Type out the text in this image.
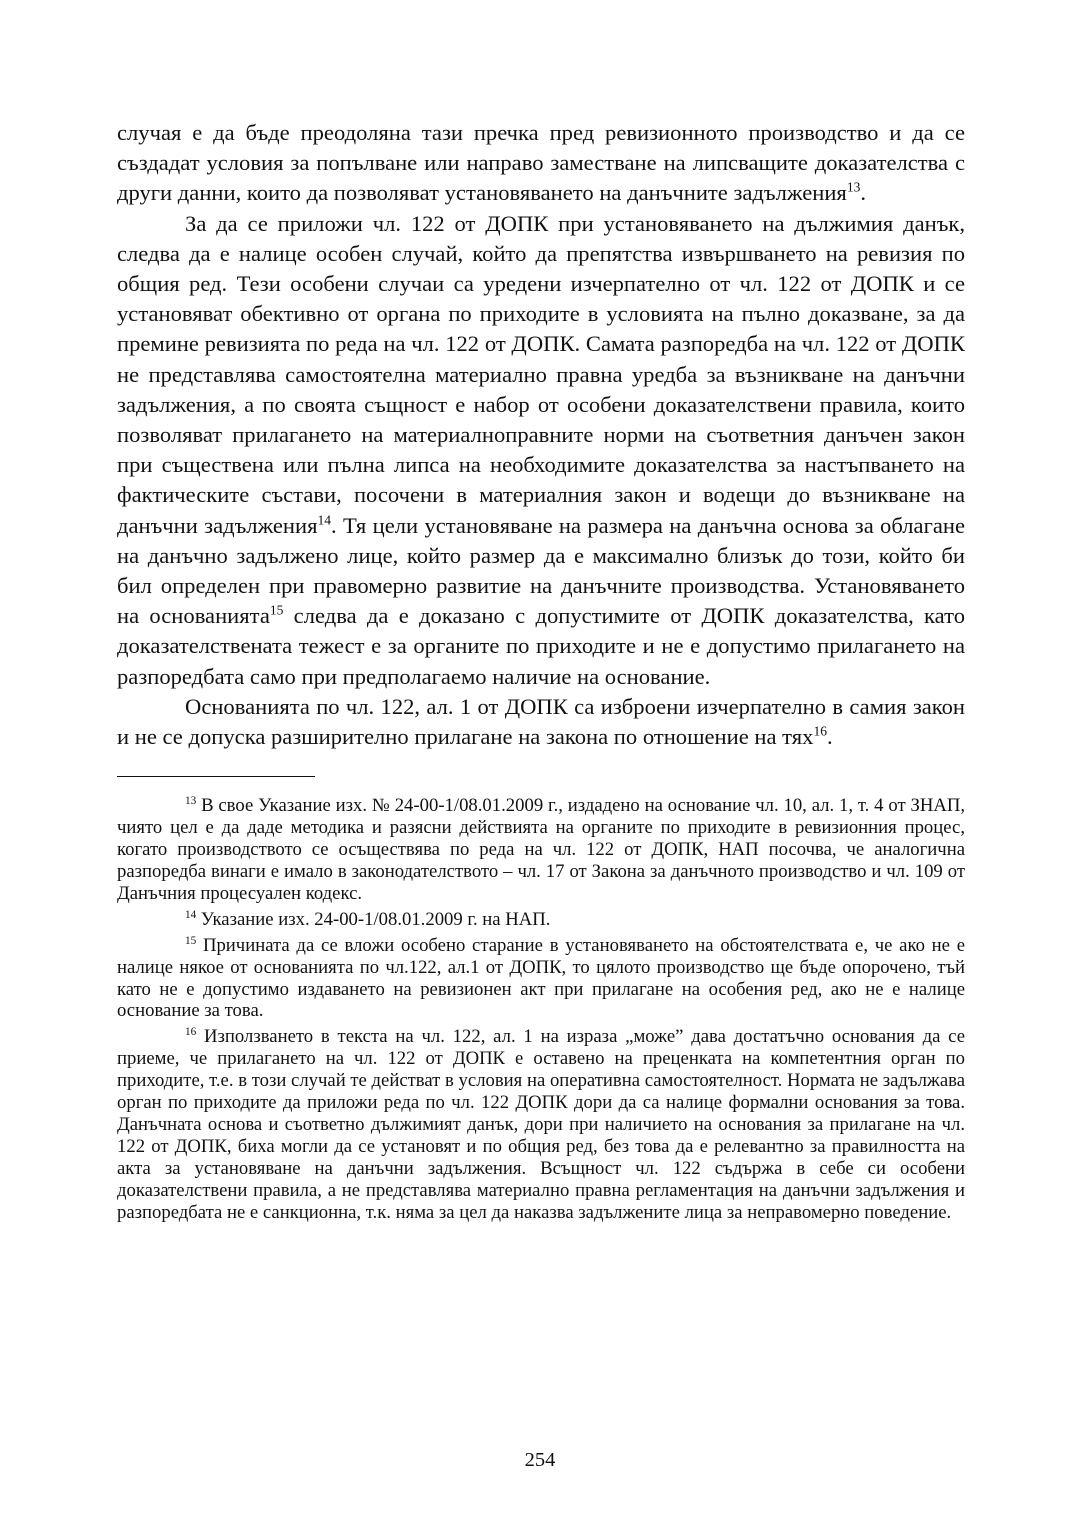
случая е да бъде преодоляна тази пречка пред ревизионното производство и да се създадат условия за попълване или направо заместване на липсващите доказателства с други данни, които да позволяват установяването на данъчните задължения$^{13}$.

За да се приложи чл. 122 от ДОПК при установяването на дължимия данък, следва да е налице особен случай, който да препятства извършването на ревизия по общия ред. Тези особени случаи са уредени изчерпателно от чл. 122 от ДОПК и се установяват обективно от органа по приходите в условията на пълно доказване, за да премине ревизията по реда на чл. 122 от ДОПК. Самата разпоредба на чл. 122 от ДОПК не представлява самостоятелна материално правна уредба за възникване на данъчни задължения, а по своята същност е набор от особени доказателствени правила, които позволяват прилагането на материалноправните норми на съответния данъчен закон при съществена или пълна липса на необходимите доказателства за настъпването на фактическите състави, посочени в материалния закон и водещи до възникване на данъчни задължения$^{14}$. Тя цели установяване на размера на данъчна основа за облагане на данъчно задължено лице, който размер да е максимално близък до този, който би бил определен при правомерно развитие на данъчните производства. Установяването на основанията$^{15}$ следва да е доказано с допустимите от ДОПК доказателства, като доказателствената тежест е за органите по приходите и не е допустимо прилагането на разпоредбата само при предполагаемо наличие на основание.

Основанията по чл. 122, ал. 1 от ДОПК са изброени изчерпателно в самия закон и не се допуска разширително прилагане на закона по отношение на тях$^{16}$.

$^{13}$ В свое Указание изх. № 24-00-1/08.01.2009 г., издадено на основание чл. 10, ал. 1, т. 4 от ЗНАП, чиято цел е да даде методика и разясни действията на органите по приходите в ревизионния процес, когато производството се осъществява по реда на чл. 122 от ДОПК, НАП посочва, че аналогична разпоредба винаги е имало в законодателството – чл. 17 от Закона за данъчното производство и чл. 109 от Данъчния процесуален кодекс.

$^{14}$ Указание изх. 24-00-1/08.01.2009 г. на НАП.

$^{15}$ Причината да се вложи особено старание в установяването на обстоятелствата е, че ако не е налице някое от основанията по чл.122, ал.1 от ДОПК, то цялото производство ще бъде опорочено, тъй като не е допустимо издаването на ревизионен акт при прилагане на особения ред, ако не е налице основание за това.

$^{16}$ Използването в текста на чл. 122, ал. 1 на израза „може” дава достатъчно основания да се приеме, че прилагането на чл. 122 от ДОПК е оставено на преценката на компетентния орган по приходите, т.е. в този случай те действат в условия на оперативна самостоятелност. Нормата не задължава орган по приходите да приложи реда по чл. 122 ДОПК дори да са налице формални основания за това. Данъчната основа и съответно дължимият данък, дори при наличието на основания за прилагане на чл. 122 от ДОПК, биха могли да се установят и по общия ред, без това да е релевантно за правилността на акта за установяване на данъчни задължения. Всъщност чл. 122 съдържа в себе си особени доказателствени правила, а не представлява материално правна регламентация на данъчни задължения и разпоредбата не е санкционна, т.к. няма за цел да наказва задължените лица за неправомерно поведение.

254
